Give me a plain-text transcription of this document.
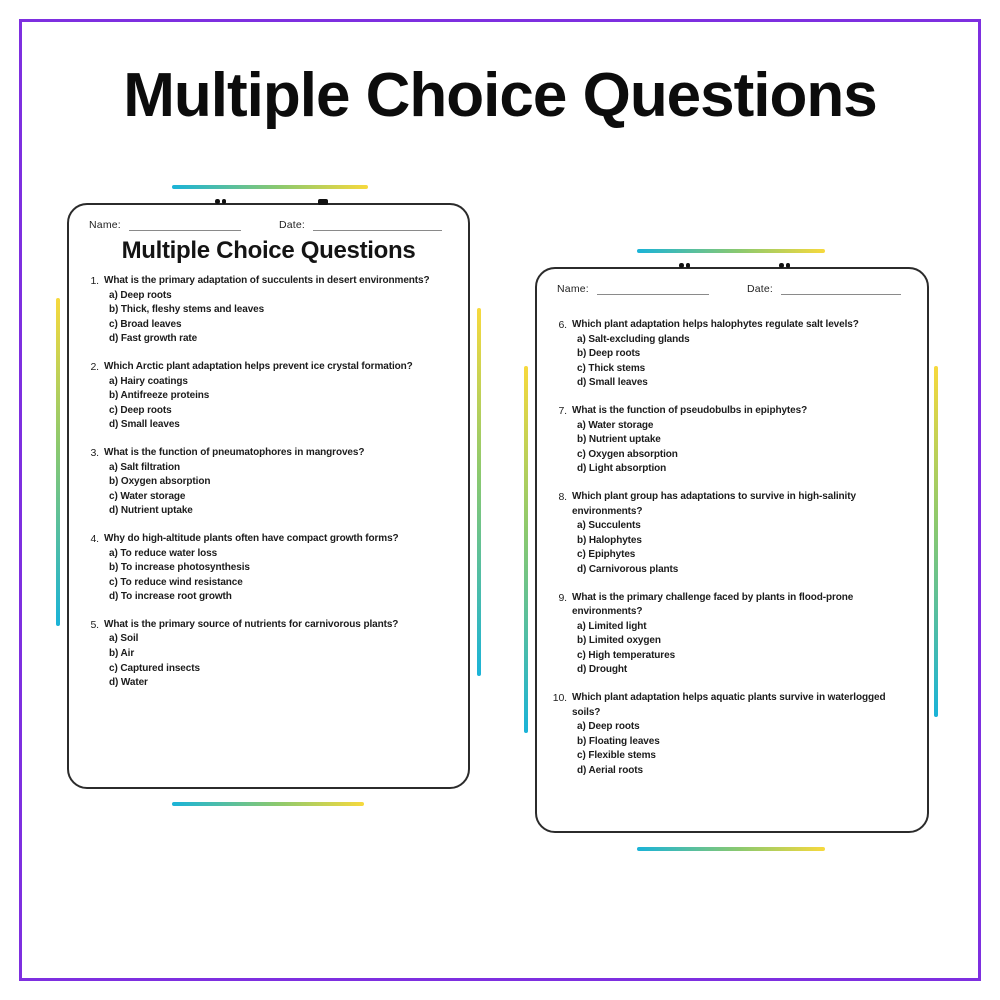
Multiple Choice Questions
Name:	Date:
Multiple Choice Questions
1. What is the primary adaptation of succulents in desert environments?
a) Deep roots
b) Thick, fleshy stems and leaves
c) Broad leaves
d) Fast growth rate
2. Which Arctic plant adaptation helps prevent ice crystal formation?
a) Hairy coatings
b) Antifreeze proteins
c) Deep roots
d) Small leaves
3. What is the function of pneumatophores in mangroves?
a) Salt filtration
b) Oxygen absorption
c) Water storage
d) Nutrient uptake
4. Why do high-altitude plants often have compact growth forms?
a) To reduce water loss
b) To increase photosynthesis
c) To reduce wind resistance
d) To increase root growth
5. What is the primary source of nutrients for carnivorous plants?
a) Soil
b) Air
c) Captured insects
d) Water
Name:	Date:
6. Which plant adaptation helps halophytes regulate salt levels?
a) Salt-excluding glands
b) Deep roots
c) Thick stems
d) Small leaves
7. What is the function of pseudobulbs in epiphytes?
a) Water storage
b) Nutrient uptake
c) Oxygen absorption
d) Light absorption
8. Which plant group has adaptations to survive in high-salinity environments?
a) Succulents
b) Halophytes
c) Epiphytes
d) Carnivorous plants
9. What is the primary challenge faced by plants in flood-prone environments?
a) Limited light
b) Limited oxygen
c) High temperatures
d) Drought
10. Which plant adaptation helps aquatic plants survive in waterlogged soils?
a) Deep roots
b) Floating leaves
c) Flexible stems
d) Aerial roots
